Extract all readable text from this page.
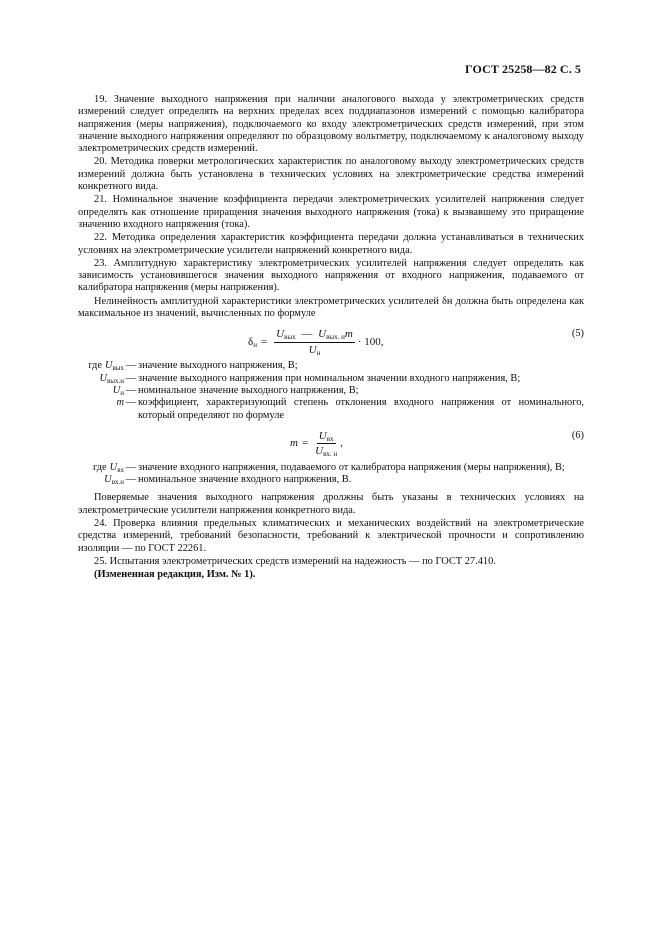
ГОСТ 25258—82 С. 5

19. Значение выходного напряжения при наличии аналогового выхода у электрометрических средств измерений следует определять на верхних пределах всех поддиапазонов измерений с помощью калибратора напряжения (меры напряжения), подключаемого ко входу электрометрических средств измерений, при этом значение выходного напряжения определяют по образцовому вольтметру, подключаемому к аналоговому выходу электрометрических средств измерений.

20. Методика поверки метрологических характеристик по аналоговому выходу электрометрических средств измерений должна быть установлена в технических условиях на электрометрические средства измерений конкретного вида.

21. Номинальное значение коэффициента передачи электрометрических усилителей напряжения следует определять как отношение приращения значения выходного напряжения (тока) к вызвавшему это приращение значению входного напряжения (тока).

22. Методика определения характеристик коэффициента передачи должна устанавливаться в технических условиях на электрометрические усилители напряжений конкретного вида.

23. Амплитудную характеристику электрометрических усилителей напряжения следует определять как зависимость установившегося значения выходного напряжения от входного напряжения, подаваемого от калибратора напряжения (меры напряжения).

Нелинейность амплитудной характеристики электрометрических усилителей δн должна быть определена как максимальное из значений, вычисленных по формуле

$\delta_н = \frac{U_{вых} — U_{вых. н}m}{U_н} \cdot 100$,
(5)
где $U_{вых}$ — значение выходного напряжения, В;
$U_{вых.н}$ — значение выходного напряжения при номинальном значении входного напряжения, В;
$U_н$ — номинальное значение выходного напряжения, В;
m — коэффициент, характеризующий степень отклонения входного напряжения от номинального, который определяют по формуле
$m = \frac{U_{вх}}{U_{вх. н}}$ ,
(6)
где $U_{вх}$ — значение входного напряжения, подаваемого от калибратора напряжения (меры напряжения), В;
$U_{вх.н}$ — номинальное значение входного напряжения, В.

Поверяемые значения выходного напряжения дролжны быть указаны в технических условиях на электрометрические усилители напряжения конкретного вида.

24. Проверка влияния предельных климатических и механических воздействий на электрометрические средства измерений, требований безопасности, требований к электрической прочности и сопротивлению изоляции — по ГОСТ 22261.

25. Испытания электрометрических средств измерений на надежность — по ГОСТ 27.410.

(Измененная редакция, Изм. № 1).
